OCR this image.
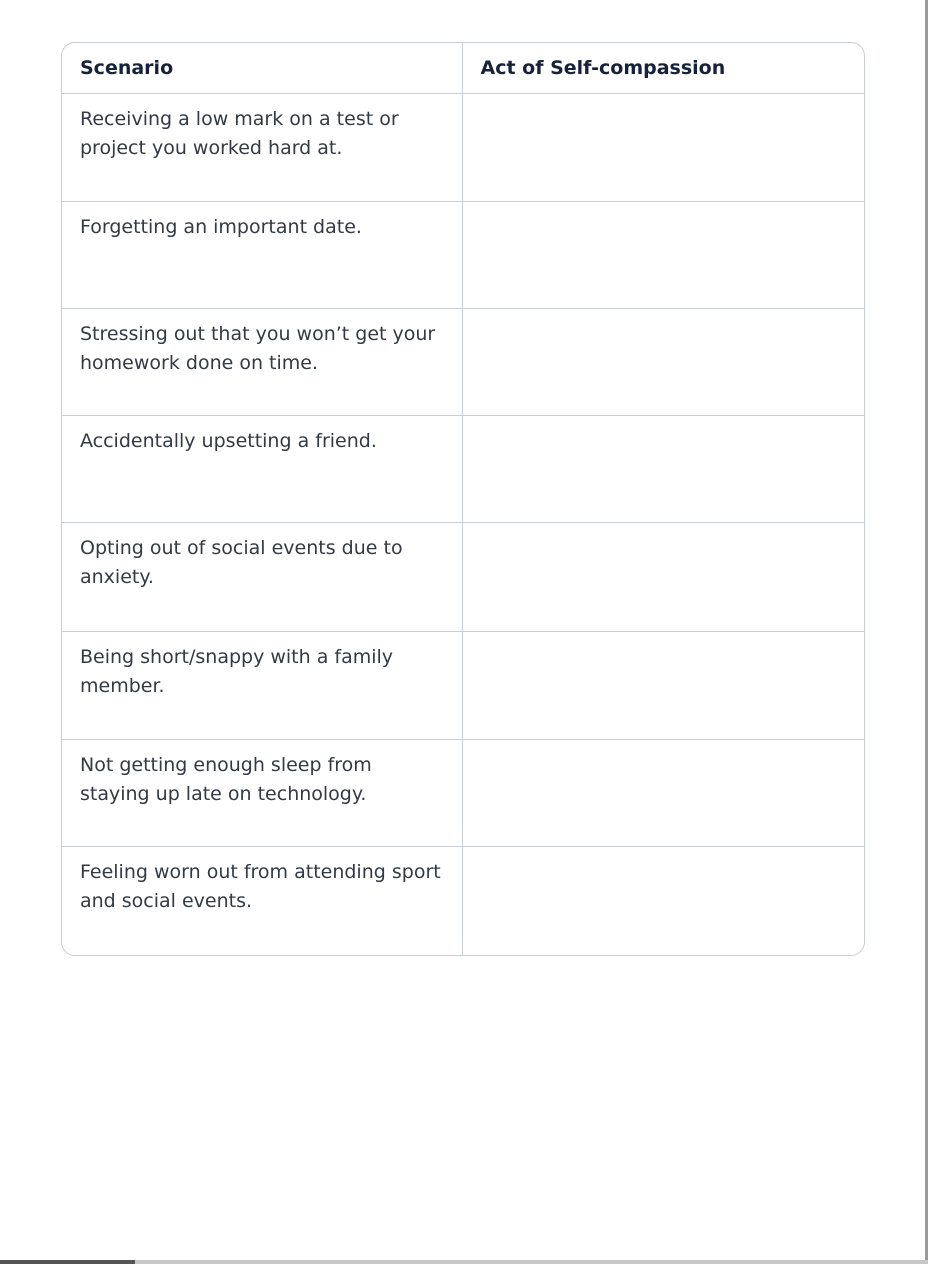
Scenario	Act of Self-compassion
Receiving a low mark on a test or project you worked hard at.	
Forgetting an important date.	
Stressing out that you won’t get your homework done on time.	
Accidentally upsetting a friend.	
Opting out of social events due to anxiety.	
Being short/snappy with a family member.	
Not getting enough sleep from staying up late on technology.	
Feeling worn out from attending sport and social events.	
